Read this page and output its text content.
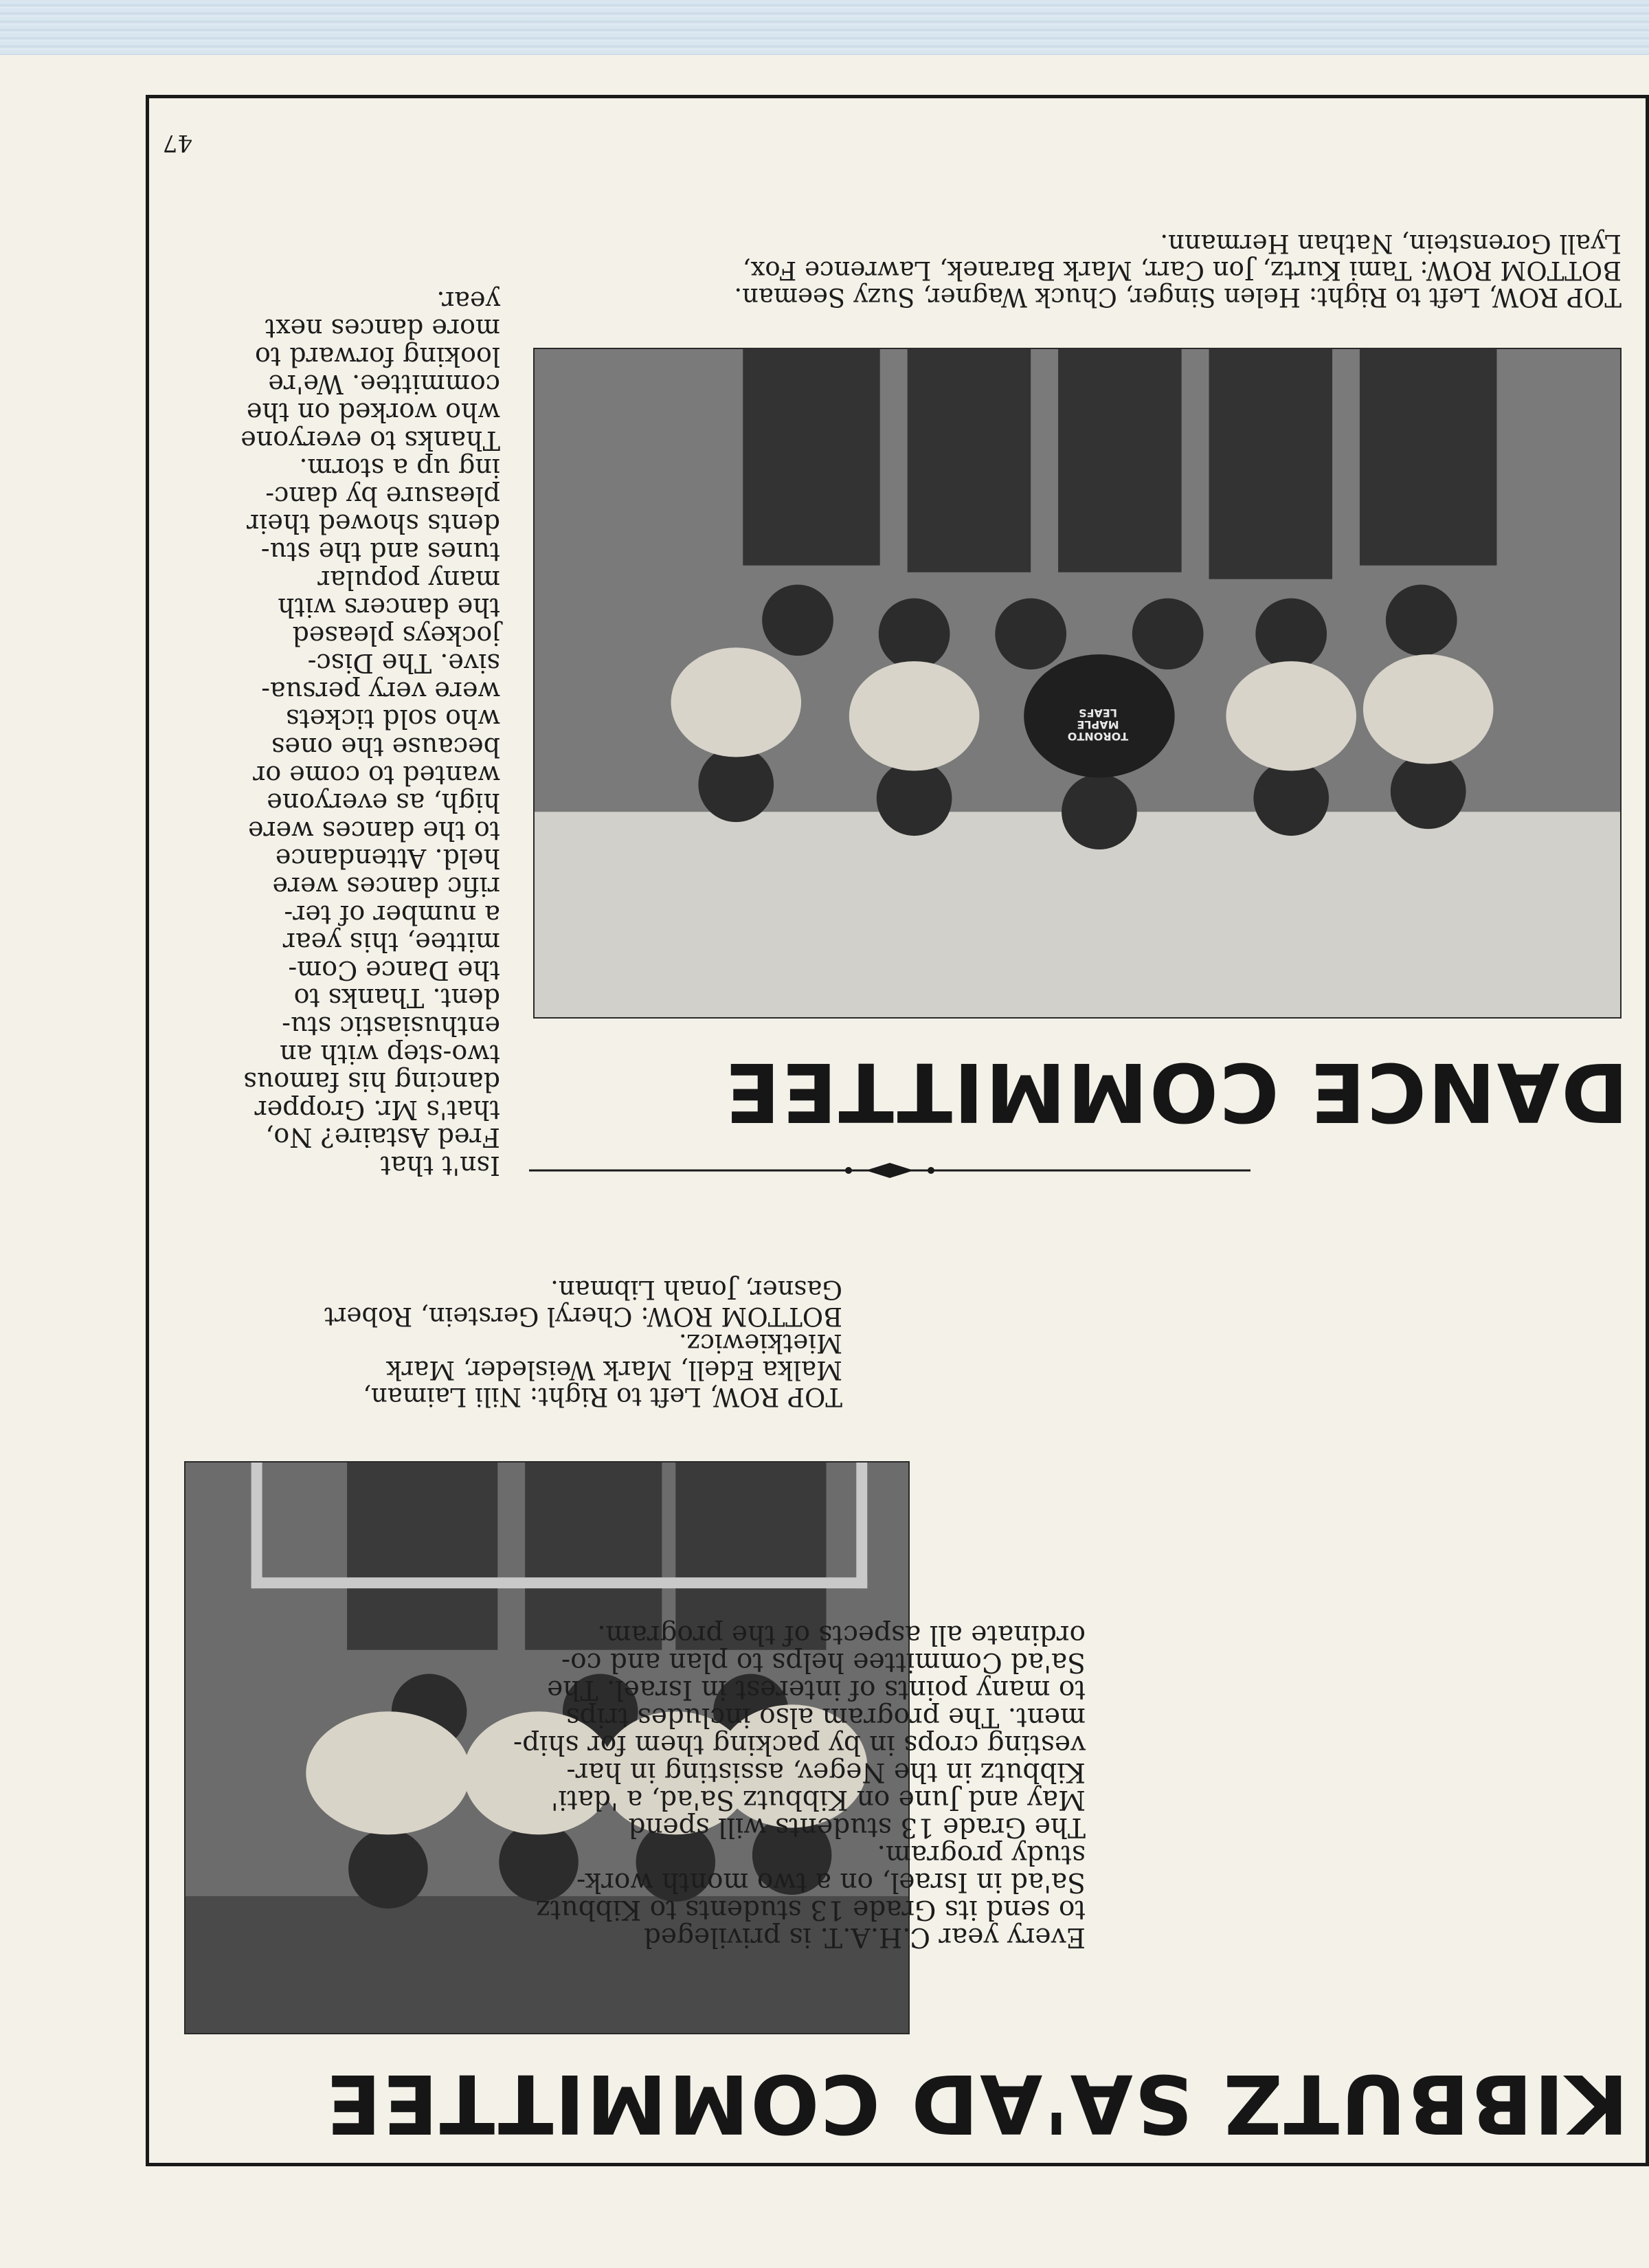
KIBBUTZ SA'AD COMMITTEE
Every year C.H.A.T. is privileged
to send its Grade 13 students to Kibbutz
Sa'ad in Israel, on a two month work-
study program.
The Grade 13 students will spend
May and June on Kibbutz Sa'ad, a 'dati'
Kibbutz in the Negev, assisting in har-
vesting crops in by packing them for ship-
ment. The program also includes trips
to many points of interest in Israel. The
Sa'ad Committee helps to plan and co-
ordinate all aspects of the program.
TOP ROW, Left to Right: Nili Laiman,
Malka Edell, Mark Weisleder, Mark
Mietkiewicz.
BOTTOM ROW: Cheryl Gerstein, Robert
Gasner, Jonah Libman.
DANCE COMMITTEE
Isn't that
Fred Astaire? No,
that's Mr. Gropper
dancing his famous
two-step with an
enthusiastic stu-
dent. Thanks to
the Dance Com-
mittee, this year
a number of ter-
rific dances were
held. Attendance
to the dances were
high, as everyone
wanted to come or
because the ones
who sold tickets
were very persua-
sive. The Disc-
jockeys pleased
the dancers with
many popular
tunes and the stu-
dents showed their
pleasure by danc-
ing up a storm.
Thanks to everyone
who worked on the
committee. We're
looking forward to
more dances next
year.
TORONTO
MAPLE
LEAFS
TOP ROW, Left to Right: Helen Singer, Chuck Wagner, Suzy Seeman.
BOTTOM ROW: Tami Kurtz, Jon Carr, Mark Baranek, Lawrence Fox,
Lyall Gorenstein, Nathan Hermann.
47
